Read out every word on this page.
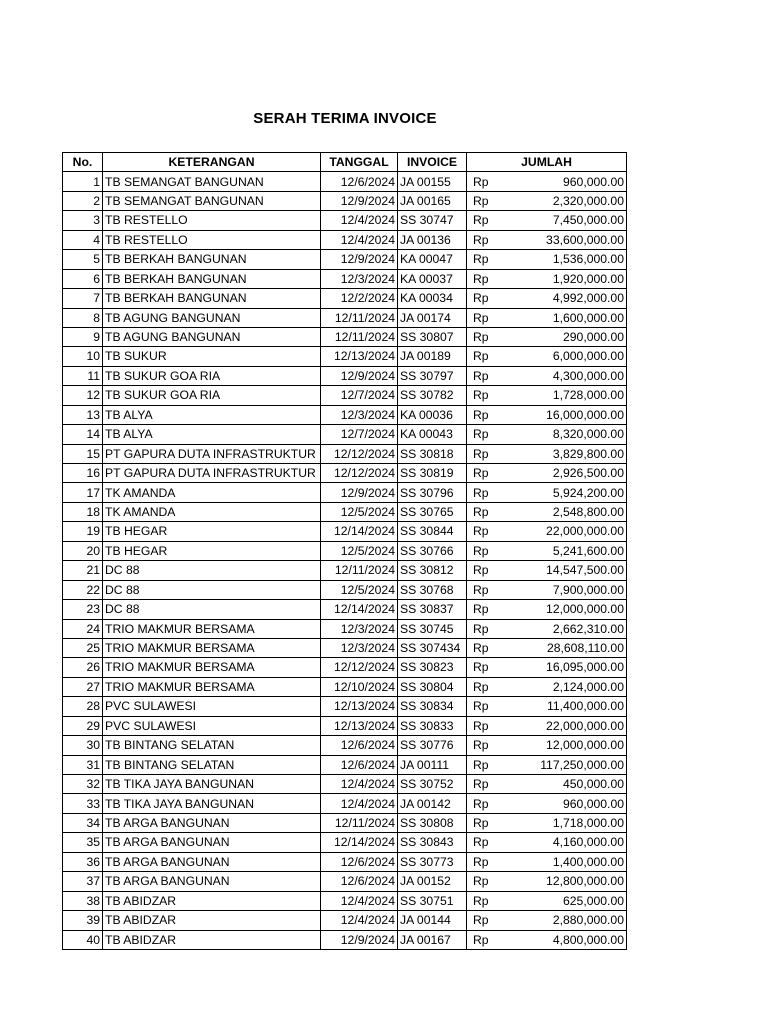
SERAH TERIMA INVOICE
No.	KETERANGAN	TANGGAL	INVOICE	JUMLAH
1	TB SEMANGAT BANGUNAN	12/6/2024	JA 00155	Rp 960,000.00
2	TB SEMANGAT BANGUNAN	12/9/2024	JA 00165	Rp 2,320,000.00
3	TB RESTELLO	12/4/2024	SS 30747	Rp 7,450,000.00
4	TB RESTELLO	12/4/2024	JA 00136	Rp 33,600,000.00
5	TB BERKAH BANGUNAN	12/9/2024	KA 00047	Rp 1,536,000.00
6	TB BERKAH BANGUNAN	12/3/2024	KA 00037	Rp 1,920,000.00
7	TB BERKAH BANGUNAN	12/2/2024	KA 00034	Rp 4,992,000.00
8	TB AGUNG BANGUNAN	12/11/2024	JA 00174	Rp 1,600,000.00
9	TB AGUNG BANGUNAN	12/11/2024	SS 30807	Rp 290,000.00
10	TB SUKUR	12/13/2024	JA 00189	Rp 6,000,000.00
11	TB SUKUR GOA RIA	12/9/2024	SS 30797	Rp 4,300,000.00
12	TB SUKUR GOA RIA	12/7/2024	SS 30782	Rp 1,728,000.00
13	TB ALYA	12/3/2024	KA 00036	Rp 16,000,000.00
14	TB ALYA	12/7/2024	KA 00043	Rp 8,320,000.00
15	PT GAPURA DUTA INFRASTRUKTUR	12/12/2024	SS 30818	Rp 3,829,800.00
16	PT GAPURA DUTA INFRASTRUKTUR	12/12/2024	SS 30819	Rp 2,926,500.00
17	TK AMANDA	12/9/2024	SS 30796	Rp 5,924,200.00
18	TK AMANDA	12/5/2024	SS 30765	Rp 2,548,800.00
19	TB HEGAR	12/14/2024	SS 30844	Rp 22,000,000.00
20	TB HEGAR	12/5/2024	SS 30766	Rp 5,241,600.00
21	DC 88	12/11/2024	SS 30812	Rp 14,547,500.00
22	DC 88	12/5/2024	SS 30768	Rp 7,900,000.00
23	DC 88	12/14/2024	SS 30837	Rp 12,000,000.00
24	TRIO MAKMUR BERSAMA	12/3/2024	SS 30745	Rp 2,662,310.00
25	TRIO MAKMUR BERSAMA	12/3/2024	SS 307434	Rp 28,608,110.00
26	TRIO MAKMUR BERSAMA	12/12/2024	SS 30823	Rp 16,095,000.00
27	TRIO MAKMUR BERSAMA	12/10/2024	SS 30804	Rp 2,124,000.00
28	PVC SULAWESI	12/13/2024	SS 30834	Rp 11,400,000.00
29	PVC SULAWESI	12/13/2024	SS 30833	Rp 22,000,000.00
30	TB BINTANG SELATAN	12/6/2024	SS 30776	Rp 12,000,000.00
31	TB BINTANG SELATAN	12/6/2024	JA 00111	Rp 117,250,000.00
32	TB TIKA JAYA BANGUNAN	12/4/2024	SS 30752	Rp 450,000.00
33	TB TIKA JAYA BANGUNAN	12/4/2024	JA 00142	Rp 960,000.00
34	TB ARGA BANGUNAN	12/11/2024	SS 30808	Rp 1,718,000.00
35	TB ARGA BANGUNAN	12/14/2024	SS 30843	Rp 4,160,000.00
36	TB ARGA BANGUNAN	12/6/2024	SS 30773	Rp 1,400,000.00
37	TB ARGA BANGUNAN	12/6/2024	JA 00152	Rp 12,800,000.00
38	TB ABIDZAR	12/4/2024	SS 30751	Rp 625,000.00
39	TB ABIDZAR	12/4/2024	JA 00144	Rp 2,880,000.00
40	TB ABIDZAR	12/9/2024	JA 00167	Rp 4,800,000.00
